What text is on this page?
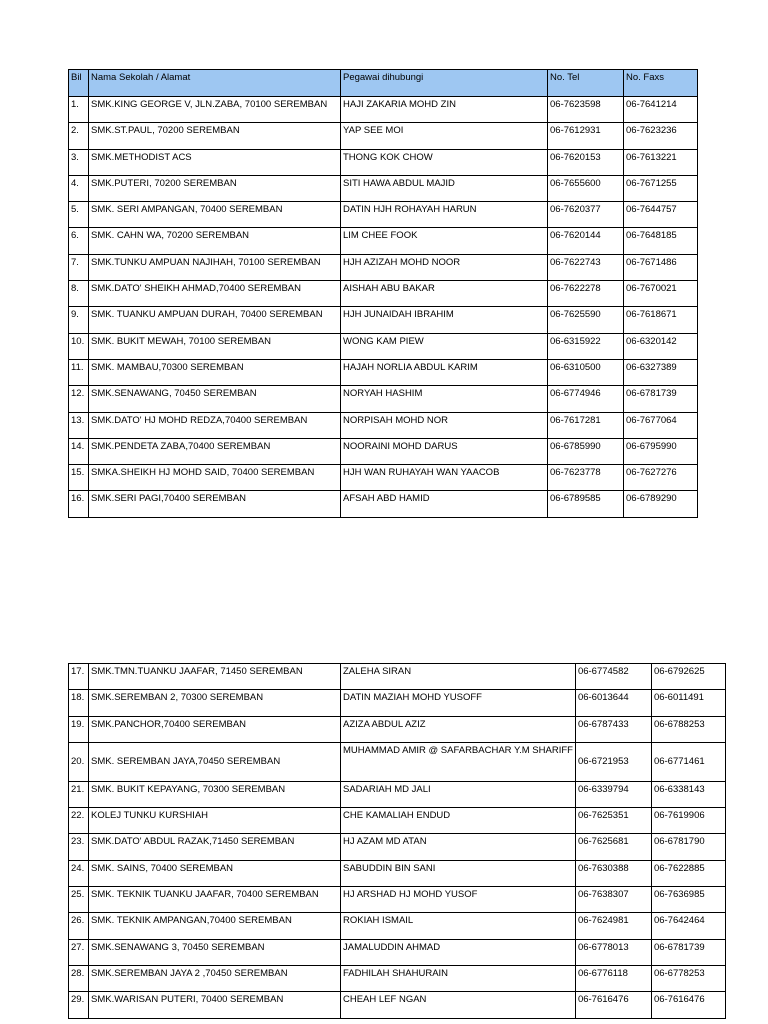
Bil	Nama Sekolah / Alamat	Pegawai dihubungi	No. Tel	No. Faxs
1.	SMK.KING GEORGE V, JLN.ZABA, 70100 SEREMBAN	HAJI ZAKARIA MOHD ZIN	06-7623598	06-7641214
2.	SMK.ST.PAUL, 70200 SEREMBAN	YAP SEE MOI	06-7612931	06-7623236
3.	SMK.METHODIST ACS	THONG KOK CHOW	06-7620153	06-7613221
4.	SMK.PUTERI, 70200 SEREMBAN	SITI HAWA ABDUL MAJID	06-7655600	06-7671255
5.	SMK. SERI AMPANGAN, 70400 SEREMBAN	DATIN HJH ROHAYAH HARUN	06-7620377	06-7644757
6.	SMK. CAHN WA, 70200 SEREMBAN	LIM CHEE FOOK	06-7620144	06-7648185
7.	SMK.TUNKU AMPUAN NAJIHAH, 70100 SEREMBAN	HJH AZIZAH MOHD NOOR	06-7622743	06-7671486
8.	SMK.DATO' SHEIKH AHMAD,70400 SEREMBAN	AISHAH ABU BAKAR	06-7622278	06-7670021
9.	SMK. TUANKU AMPUAN DURAH, 70400 SEREMBAN	HJH JUNAIDAH IBRAHIM	06-7625590	06-7618671
10.	SMK. BUKIT MEWAH, 70100 SEREMBAN	WONG KAM PIEW	06-6315922	06-6320142
11.	SMK. MAMBAU,70300 SEREMBAN	HAJAH NORLIA ABDUL KARIM	06-6310500	06-6327389
12.	SMK.SENAWANG, 70450 SEREMBAN	NORYAH HASHIM	06-6774946	06-6781739
13.	SMK.DATO' HJ MOHD REDZA,70400 SEREMBAN	NORPISAH MOHD NOR	06-7617281	06-7677064
14.	SMK.PENDETA ZABA,70400 SEREMBAN	NOORAINI MOHD DARUS	06-6785990	06-6795990
15.	SMKA.SHEIKH HJ MOHD SAID, 70400 SEREMBAN	HJH WAN RUHAYAH WAN YAACOB	06-7623778	06-7627276
16.	SMK.SERI PAGI,70400 SEREMBAN	AFSAH ABD HAMID	06-6789585	06-6789290
17.	SMK.TMN.TUANKU JAAFAR, 71450 SEREMBAN	ZALEHA SIRAN	06-6774582	06-6792625
18.	SMK.SEREMBAN 2, 70300 SEREMBAN	DATIN MAZIAH MOHD YUSOFF	06-6013644	06-6011491
19.	SMK.PANCHOR,70400 SEREMBAN	AZIZA ABDUL AZIZ	06-6787433	06-6788253
20.	SMK. SEREMBAN JAYA,70450 SEREMBAN	MUHAMMAD AMIR @ SAFARBACHAR Y.M SHARIFF	06-6721953	06-6771461
21.	SMK. BUKIT KEPAYANG, 70300 SEREMBAN	SADARIAH MD JALI	06-6339794	06-6338143
22.	KOLEJ TUNKU KURSHIAH	CHE KAMALIAH ENDUD	06-7625351	06-7619906
23.	SMK.DATO' ABDUL RAZAK,71450 SEREMBAN	HJ AZAM MD ATAN	06-7625681	06-6781790
24.	SMK. SAINS, 70400 SEREMBAN	SABUDDIN BIN SANI	06-7630388	06-7622885
25.	SMK. TEKNIK TUANKU JAAFAR, 70400 SEREMBAN	HJ ARSHAD HJ MOHD YUSOF	06-7638307	06-7636985
26.	SMK. TEKNIK AMPANGAN,70400 SEREMBAN	ROKIAH ISMAIL	06-7624981	06-7642464
27.	SMK.SENAWANG 3, 70450 SEREMBAN	JAMALUDDIN AHMAD	06-6778013	06-6781739
28.	SMK.SEREMBAN JAYA 2 ,70450 SEREMBAN	FADHILAH SHAHURAIN	06-6776118	06-6778253
29.	SMK.WARISAN PUTERI, 70400 SEREMBAN	CHEAH LEF NGAN	06-7616476	06-7616476
